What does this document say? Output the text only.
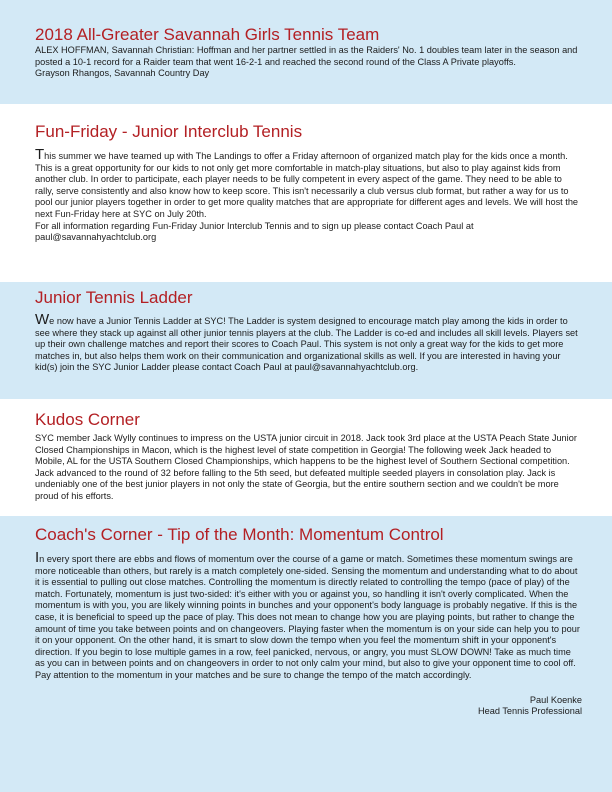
2018 All-Greater Savannah Girls Tennis Team

ALEX HOFFMAN, Savannah Christian: Hoffman and her partner settled in as the Raiders' No. 1 doubles team later in the season and posted a 10-1 record for a Raider team that went 16-2-1 and reached the second round of the Class A Private playoffs.

Grayson Rhangos, Savannah Country Day

Fun-Friday - Junior Interclub Tennis

This summer we have teamed up with The Landings to offer a Friday afternoon of organized match play for the kids once a month. This is a great opportunity for our kids to not only get more comfortable in match-play situations, but also to play against kids from another club. In order to participate, each player needs to be fully competent in every aspect of the game. They need to be able to rally, serve consistently and also know how to keep score. This isn't necessarily a club versus club format, but rather a way for us to pool our junior players together in order to get more quality matches that are appropriate for different ages and levels. We will host the next Fun-Friday here at SYC on July 20th.

For all information regarding Fun-Friday Junior Interclub Tennis and to sign up please contact Coach Paul at paul@savannahyachtclub.org

Junior Tennis Ladder

We now have a Junior Tennis Ladder at SYC! The Ladder is system designed to encourage match play among the kids in order to see where they stack up against all other junior tennis players at the club. The Ladder is co-ed and includes all skill levels. Players set up their own challenge matches and report their scores to Coach Paul. This system is not only a great way for the kids to get more matches in, but also helps them work on their communication and organizational skills as well. If you are interested in having your kid(s) join the SYC Junior Ladder please contact Coach Paul at paul@savannahyachtclub.org.

Kudos Corner

SYC member Jack Wylly continues to impress on the USTA junior circuit in 2018. Jack took 3rd place at the USTA Peach State Junior Closed Championships in Macon, which is the highest level of state competition in Georgia! The following week Jack headed to Mobile, AL for the USTA Southern Closed Championships, which happens to be the highest level of Southern Sectional competition. Jack advanced to the round of 32 before falling to the 5th seed, but defeated multiple seeded players in consolation play. Jack is undeniably one of the best junior players in not only the state of Georgia, but the entire southern section and we couldn't be more proud of his efforts.

Coach's Corner - Tip of the Month: Momentum Control

In every sport there are ebbs and flows of momentum over the course of a game or match. Sometimes these momentum swings are more noticeable than others, but rarely is a match completely one-sided. Sensing the momentum and understanding what to do about it is essential to pulling out close matches. Controlling the momentum is directly related to controlling the tempo (pace of play) of the match. Fortunately, momentum is just two-sided: it's either with you or against you, so handling it isn't overly complicated. When the momentum is with you, you are likely winning points in bunches and your opponent's body language is probably negative. If this is the case, it is beneficial to speed up the pace of play. This does not mean to change how you are playing points, but rather to change the amount of time you take between points and on changeovers. Playing faster when the momentum is on your side can help you to pour it on your opponent. On the other hand, it is smart to slow down the tempo when you feel the momentum shift in your opponent's direction. If you begin to lose multiple games in a row, feel panicked, nervous, or angry, you must SLOW DOWN! Take as much time as you can in between points and on changeovers in order to not only calm your mind, but also to give your opponent time to cool off. Pay attention to the momentum in your matches and be sure to change the tempo of the match accordingly.

Paul Koenke
Head Tennis Professional
